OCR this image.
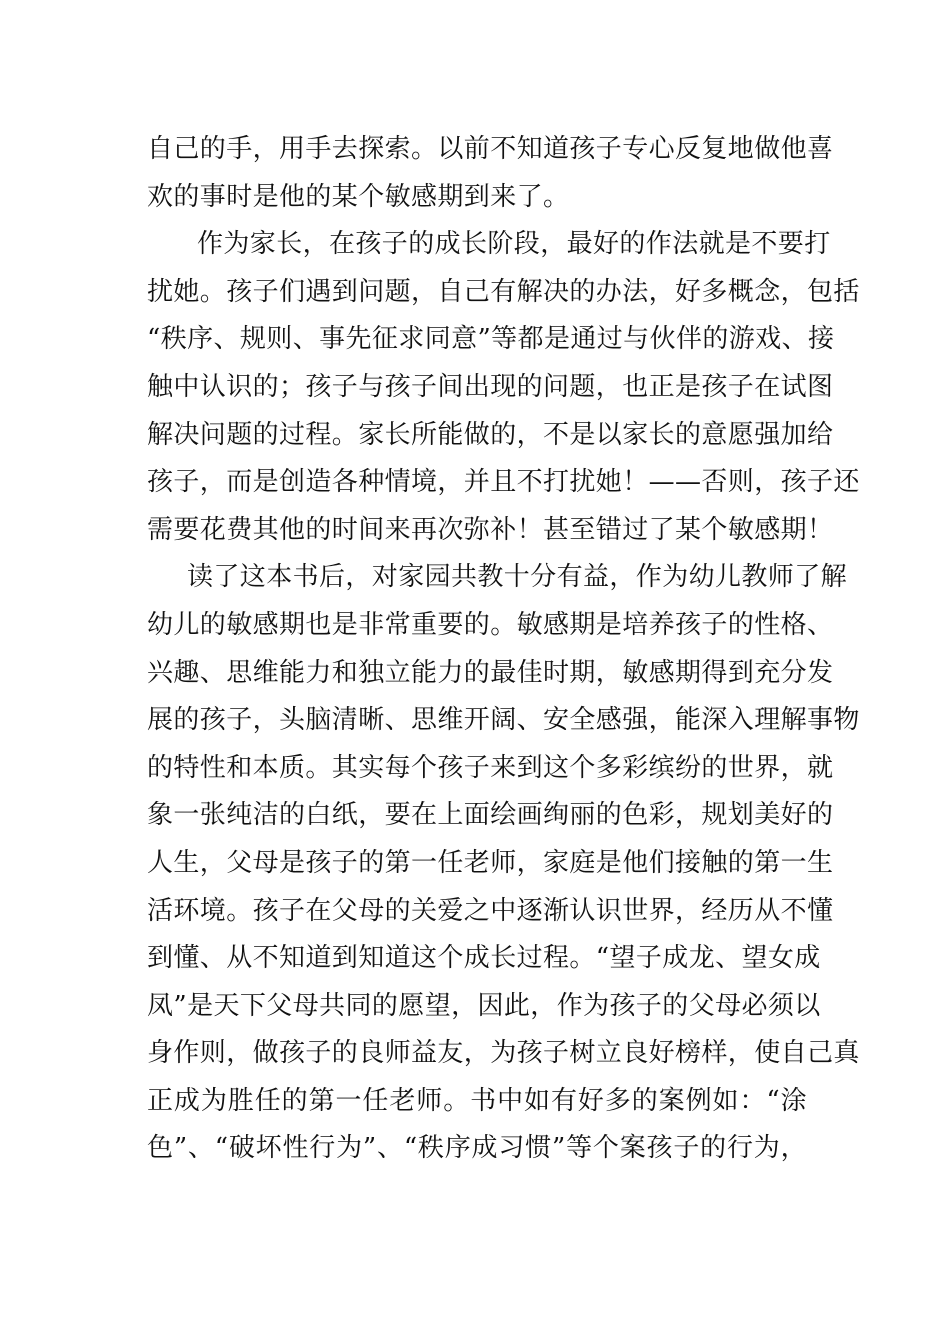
自己的手，用手去探索。以前不知道孩子专心反复地做他喜
欢的事时是他的某个敏感期到来了。
作为家长，在孩子的成长阶段，最好的作法就是不要打
扰她。孩子们遇到问题，自己有解决的办法，好多概念，包括
“秩序、规则、事先征求同意”等都是通过与伙伴的游戏、接
触中认识的；孩子与孩子间出现的问题，也正是孩子在试图
解决问题的过程。家长所能做的，不是以家长的意愿强加给
孩子，而是创造各种情境，并且不打扰她！——否则，孩子还
需要花费其他的时间来再次弥补！甚至错过了某个敏感期！
读了这本书后，对家园共教十分有益，作为幼儿教师了解
幼儿的敏感期也是非常重要的。敏感期是培养孩子的性格、
兴趣、思维能力和独立能力的最佳时期，敏感期得到充分发
展的孩子，头脑清晰、思维开阔、安全感强，能深入理解事物
的特性和本质。其实每个孩子来到这个多彩缤纷的世界，就
象一张纯洁的白纸，要在上面绘画绚丽的色彩，规划美好的
人生，父母是孩子的第一任老师，家庭是他们接触的第一生
活环境。孩子在父母的关爱之中逐渐认识世界，经历从不懂
到懂、从不知道到知道这个成长过程。“望子成龙、望女成
凤”是天下父母共同的愿望，因此，作为孩子的父母必须以
身作则，做孩子的良师益友，为孩子树立良好榜样，使自己真
正成为胜任的第一任老师。书中如有好多的案例如：“涂
色”、“破坏性行为”、“秩序成习惯”等个案孩子的行为，
